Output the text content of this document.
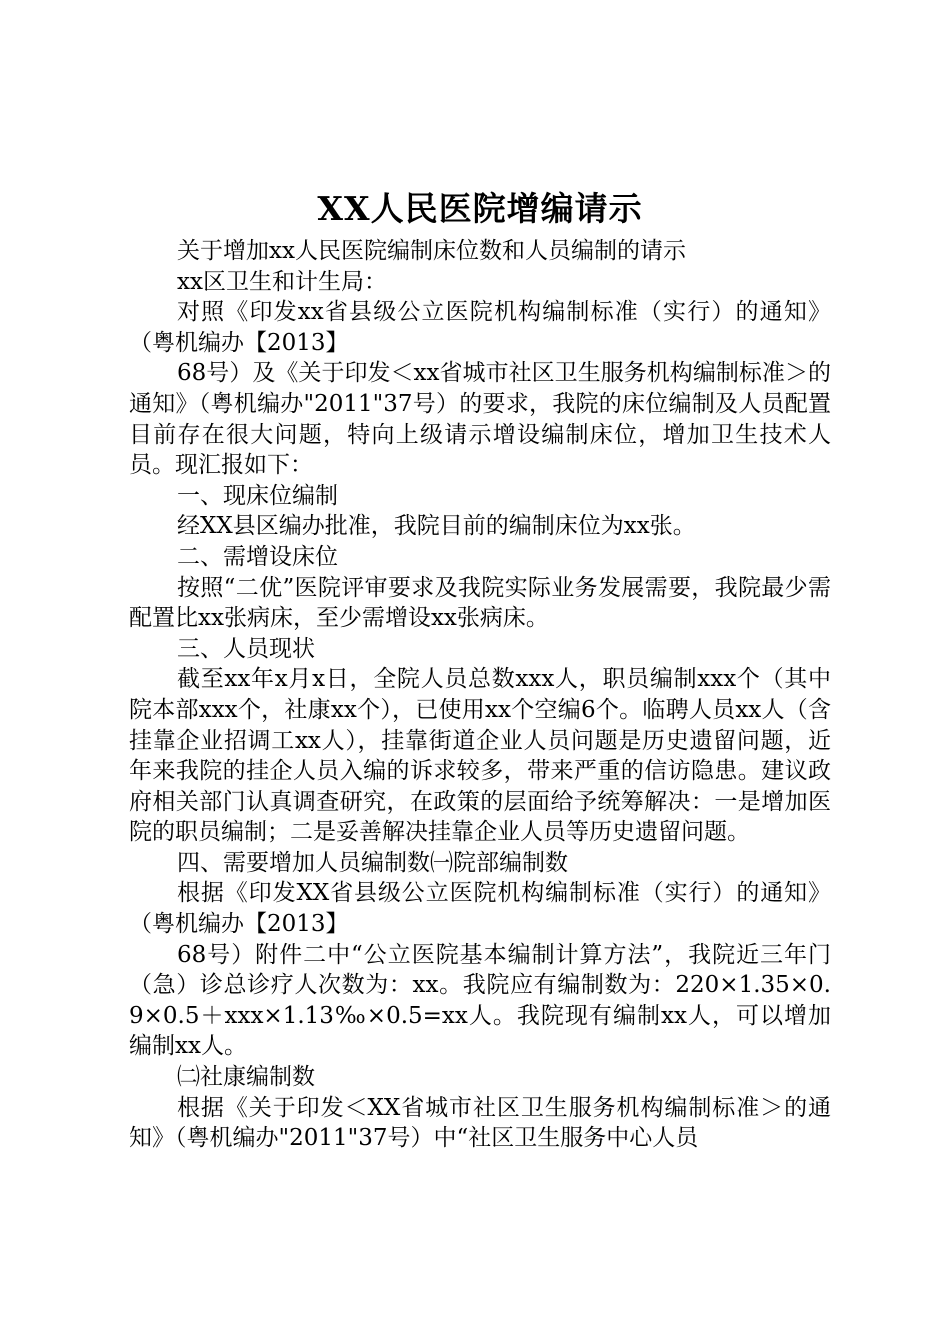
XX人民医院增编请示

关于增加xx人民医院编制床位数和人员编制的请示

xx区卫生和计生局：

对照《印发xx省县级公立医院机构编制标准（实行）的通知》（粤机编办【2013】

68号）及《关于印发＜xx省城市社区卫生服务机构编制标准＞的通知》（粤机编办"2011"37号）的要求，我院的床位编制及人员配置目前存在很大问题，特向上级请示增设编制床位，增加卫生技术人员。现汇报如下：

一、现床位编制

经XX县区编办批准，我院目前的编制床位为xx张。

二、需增设床位

按照“二优”医院评审要求及我院实际业务发展需要，我院最少需配置比xx张病床，至少需增设xx张病床。

三、人员现状

截至xx年x月x日，全院人员总数xxx人，职员编制xxx个（其中院本部xxx个，社康xx个），已使用xx个空编6个。临聘人员xx人（含挂靠企业招调工xx人），挂靠街道企业人员问题是历史遗留问题，近年来我院的挂企人员入编的诉求较多，带来严重的信访隐患。建议政府相关部门认真调查研究，在政策的层面给予统筹解决：一是增加医院的职员编制；二是妥善解决挂靠企业人员等历史遗留问题。

四、需要增加人员编制数㈠院部编制数

根据《印发XX省县级公立医院机构编制标准（实行）的通知》（粤机编办【2013】

68号）附件二中“公立医院基本编制计算方法”，我院近三年门（急）诊总诊疗人次数为：xx。我院应有编制数为：220×1.35×0.9×0.5＋xxx×1.13‰×0.5=xx人。我院现有编制xx人，可以增加编制xx人。

㈡社康编制数

根据《关于印发＜XX省城市社区卫生服务机构编制标准＞的通知》（粤机编办"2011"37号）中“社区卫生服务中心人员
